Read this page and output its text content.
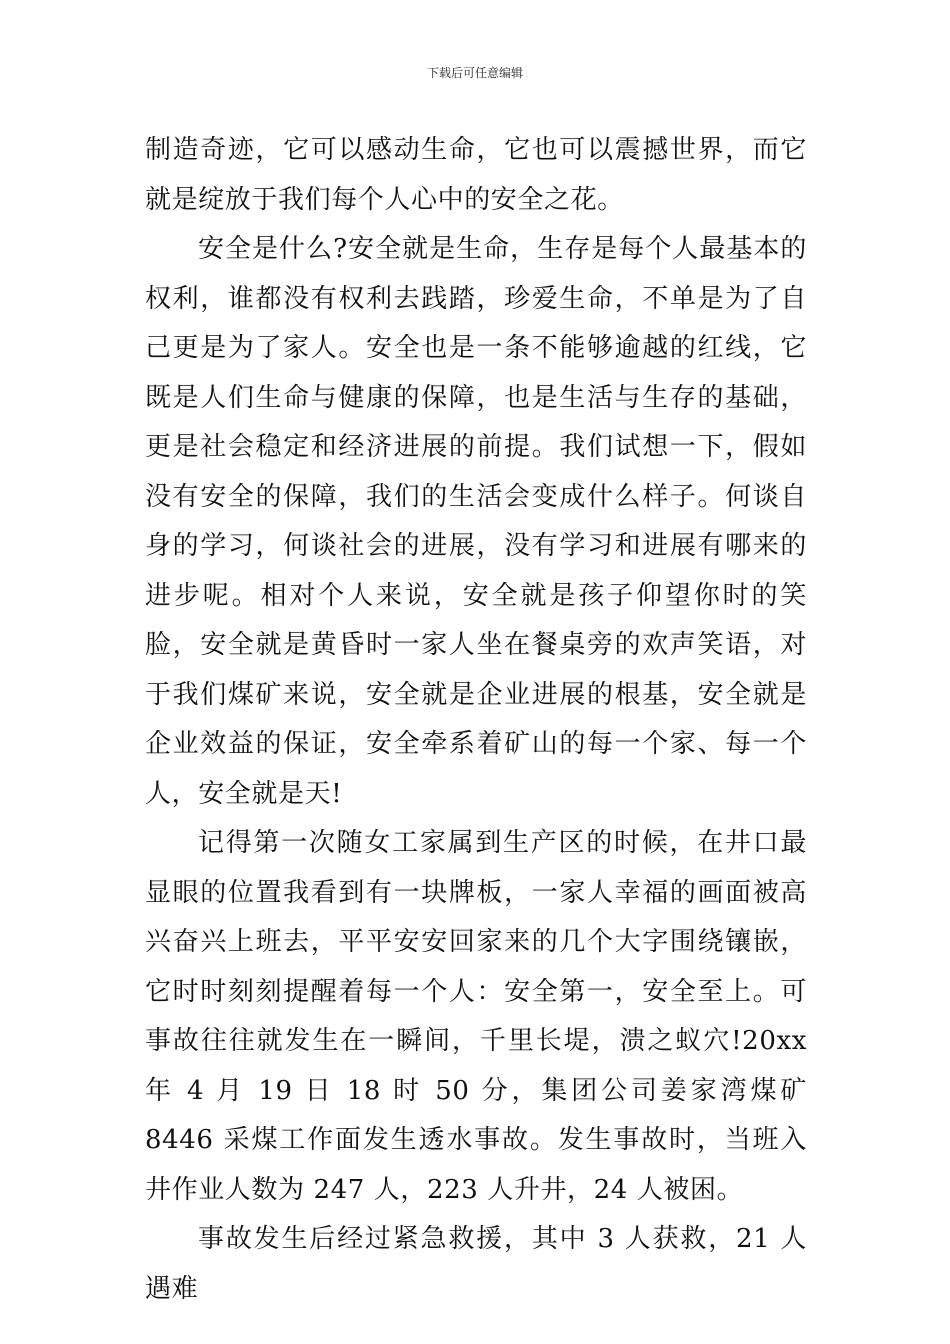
下载后可任意编辑

制造奇迹，它可以感动生命，它也可以震撼世界，而它就是绽放于我们每个人心中的安全之花。

安全是什么?安全就是生命，生存是每个人最基本的权利，谁都没有权利去践踏，珍爱生命，不单是为了自己更是为了家人。安全也是一条不能够逾越的红线，它既是人们生命与健康的保障，也是生活与生存的基础，更是社会稳定和经济进展的前提。我们试想一下，假如没有安全的保障，我们的生活会变成什么样子。何谈自身的学习，何谈社会的进展，没有学习和进展有哪来的进步呢。相对个人来说，安全就是孩子仰望你时的笑脸，安全就是黄昏时一家人坐在餐桌旁的欢声笑语，对于我们煤矿来说，安全就是企业进展的根基，安全就是企业效益的保证，安全牵系着矿山的每一个家、每一个人，安全就是天!

记得第一次随女工家属到生产区的时候，在井口最显眼的位置我看到有一块牌板，一家人幸福的画面被高兴奋兴上班去，平平安安回家来的几个大字围绕镶嵌，它时时刻刻提醒着每一个人：安全第一，安全至上。可事故往往就发生在一瞬间，千里长堤，溃之蚁穴!20xx 年 4 月 19 日 18 时 50 分，集团公司姜家湾煤矿 8446 采煤工作面发生透水事故。发生事故时，当班入井作业人数为 247 人，223 人升井，24 人被困。

事故发生后经过紧急救援，其中 3 人获救，21 人遇难
